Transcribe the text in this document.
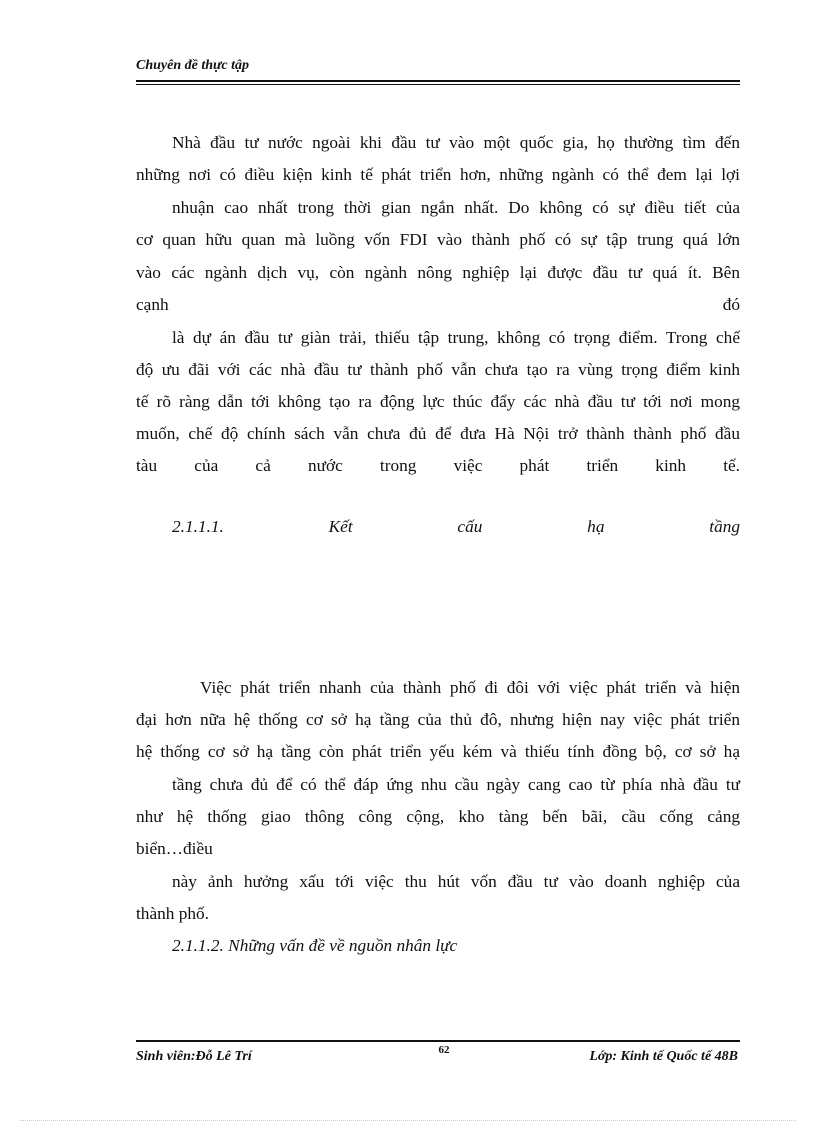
Chuyên đề thực tập
Nhà đầu tư nước ngoài khi đầu tư vào một quốc gia, họ thường tìm đến
những nơi có điều kiện kinh tế phát triển hơn, những ngành có thể đem lại lợi
nhuận cao nhất trong thời gian ngắn nhất. Do không có sự điều tiết của
cơ quan hữu quan mà luồng vốn FDI vào thành phố có sự tập trung quá lớn
vào các ngành dịch vụ, còn ngành nông nghiệp lại được đầu tư quá ít. Bên
cạnh đó
là dự án đầu tư giàn trải, thiếu tập trung, không có trọng điểm. Trong chế
độ ưu đãi với các nhà đầu tư thành phố vẫn chưa tạo ra vùng trọng điểm kinh
tế rõ ràng dẫn tới không tạo ra động lực thúc đẩy các nhà đầu tư tới nơi mong
muốn, chế độ chính sách vẫn chưa đủ để đưa Hà Nội trở thành thành phố đầu
tàu của cả nước trong việc phát triển kinh tế.
2.1.1.1. Kết cấu hạ tầng
Việc phát triển nhanh của thành phố đi đôi với việc phát triển và hiện
đại hơn nữa hệ thống cơ sở hạ tầng của thủ đô, nhưng hiện nay việc phát triển
hệ thống cơ sở hạ tầng còn phát triển yếu kém và thiếu tính đồng bộ, cơ sở hạ
tầng chưa đủ để có thể đáp ứng nhu cầu ngày cang cao từ phía nhà đầu tư
như hệ thống giao thông công cộng, kho tàng bến bãi, cầu cống cảng
biển…điều
này ảnh hưởng xấu tới việc thu hút vốn đầu tư vào doanh nghiệp của
thành phố.
2.1.1.2. Những vấn đề về nguồn nhân lực
Sinh viên:Đỗ Lê Trí	62	Lớp: Kinh tế Quốc tế 48B
